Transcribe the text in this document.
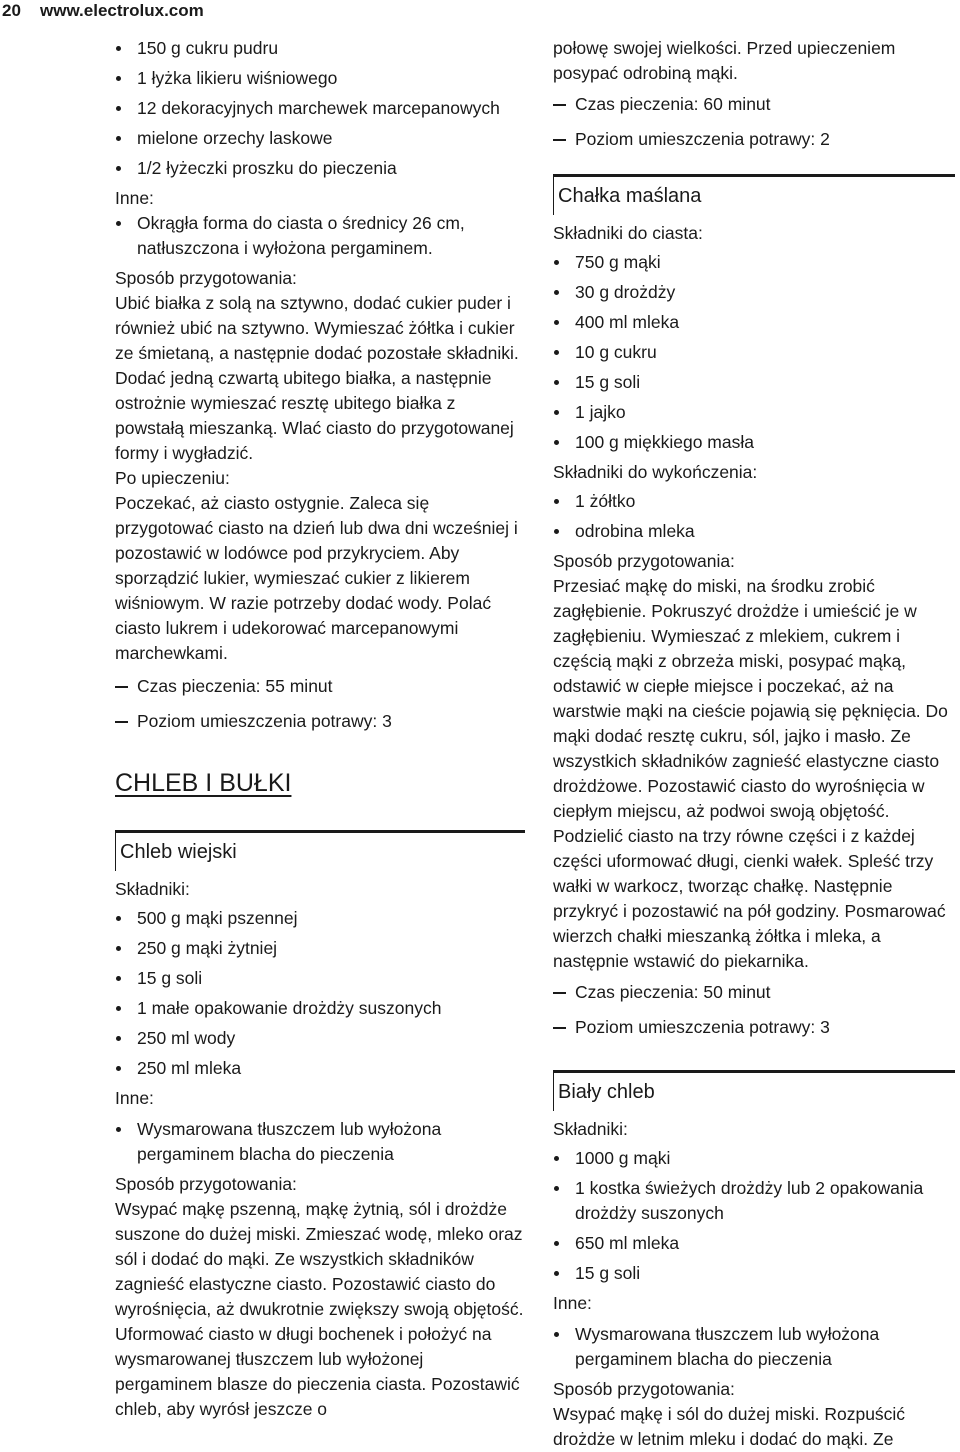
20 www.electrolux.com
150 g cukru pudru
1 łyżka likieru wiśniowego
12 dekoracyjnych marchewek marcepanowych
mielone orzechy laskowe
1/2 łyżeczki proszku do pieczenia

Inne:

Okrągła forma do ciasta o średnicy 26 cm, natłuszczona i wyłożona pergaminem.

Sposób przygotowania:

Ubić białka z solą na sztywno, dodać cukier puder i również ubić na sztywno. Wymieszać żółtka i cukier ze śmietaną, a następnie dodać pozostałe składniki. Dodać jedną czwartą ubitego białka, a następnie ostrożnie wymieszać resztę ubitego białka z powstałą mieszanką. Wlać ciasto do przygotowanej formy i wygładzić.

Po upieczeniu:

Poczekać, aż ciasto ostygnie. Zaleca się przygotować ciasto na dzień lub dwa dni wcześniej i pozostawić w lodówce pod przykryciem. Aby sporządzić lukier, wymieszać cukier z likierem wiśniowym. W razie potrzeby dodać wody. Polać ciasto lukrem i udekorować marcepanowymi marchewkami.

Czas pieczenia: 55 minut
Poziom umieszczenia potrawy: 3
CHLEB I BUŁKI
Chleb wiejski

Składniki:

500 g mąki pszennej
250 g mąki żytniej
15 g soli
1 małe opakowanie drożdży suszonych
250 ml wody
250 ml mleka

Inne:

Wysmarowana tłuszczem lub wyłożona pergaminem blacha do pieczenia

Sposób przygotowania:

Wsypać mąkę pszenną, mąkę żytnią, sól i drożdże suszone do dużej miski. Zmieszać wodę, mleko oraz sól i dodać do mąki. Ze wszystkich składników zagnieść elastyczne ciasto. Pozostawić ciasto do wyrośnięcia, aż dwukrotnie zwiększy swoją objętość. Uformować ciasto w długi bochenek i położyć na wysmarowanej tłuszczem lub wyłożonej pergaminem blasze do pieczenia ciasta. Pozostawić chleb, aby wyrósł jeszcze o

połowę swojej wielkości. Przed upieczeniem posypać odrobiną mąki.

Czas pieczenia: 60 minut
Poziom umieszczenia potrawy: 2
Chałka maślana

Składniki do ciasta:

750 g mąki
30 g drożdży
400 ml mleka
10 g cukru
15 g soli
1 jajko
100 g miękkiego masła

Składniki do wykończenia:

1 żółtko
odrobina mleka

Sposób przygotowania:

Przesiać mąkę do miski, na środku zrobić zagłębienie. Pokruszyć drożdże i umieścić je w zagłębieniu. Wymieszać z mlekiem, cukrem i częścią mąki z obrzeża miski, posypać mąką, odstawić w ciepłe miejsce i poczekać, aż na warstwie mąki na cieście pojawią się pęknięcia. Do mąki dodać resztę cukru, sól, jajko i masło. Ze wszystkich składników zagnieść elastyczne ciasto drożdżowe. Pozostawić ciasto do wyrośnięcia w ciepłym miejscu, aż podwoi swoją objętość. Podzielić ciasto na trzy równe części i z każdej części uformować długi, cienki wałek. Spleść trzy wałki w warkocz, tworząc chałkę. Następnie przykryć i pozostawić na pół godziny. Posmarować wierzch chałki mieszanką żółtka i mleka, a następnie wstawić do piekarnika.

Czas pieczenia: 50 minut
Poziom umieszczenia potrawy: 3
Biały chleb

Składniki:

1000 g mąki
1 kostka świeżych drożdży lub 2 opakowania drożdży suszonych
650 ml mleka
15 g soli

Inne:

Wysmarowana tłuszczem lub wyłożona pergaminem blacha do pieczenia

Sposób przygotowania:

Wsypać mąkę i sól do dużej miski. Rozpuścić drożdże w letnim mleku i dodać do mąki. Ze
